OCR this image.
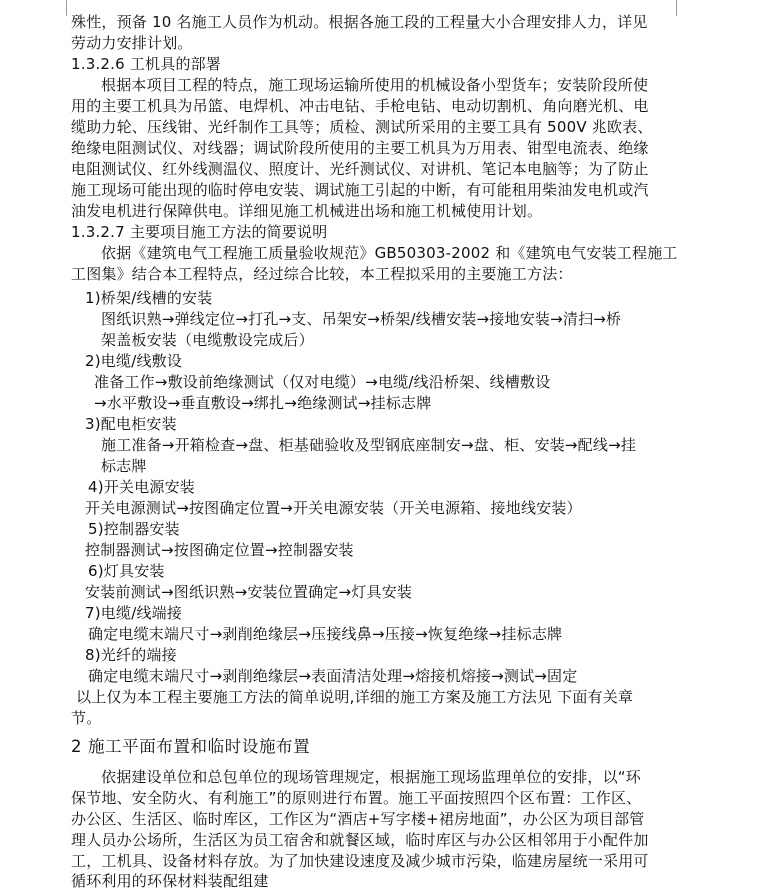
殊性，预备 10 名施工人员作为机动。根据各施工段的工程量大小合理安排人力，详见
劳动力安排计划。
1.3.2.6 工机具的部署
根据本项目工程的特点，施工现场运输所使用的机械设备小型货车；安装阶段所使
用的主要工机具为吊篮、电焊机、冲击电钻、手枪电钻、电动切割机、角向磨光机、电
缆助力轮、压线钳、光纤制作工具等；质检、测试所采用的主要工具有 500V 兆欧表、
绝缘电阻测试仪、对线器；调试阶段所使用的主要工机具为万用表、钳型电流表、绝缘
电阻测试仪、红外线测温仪、照度计、光纤测试仪、对讲机、笔记本电脑等；为了防止
施工现场可能出现的临时停电安装、调试施工引起的中断，有可能租用柴油发电机或汽
油发电机进行保障供电。详细见施工机械进出场和施工机械使用计划。
1.3.2.7 主要项目施工方法的简要说明
依据《建筑电气工程施工质量验收规范》GB50303-2002 和《建筑电气安装工程施工
工图集》结合本工程特点，经过综合比较，本工程拟采用的主要施工方法：
1)桥架/线槽的安装
图纸识熟→弹线定位→打孔→支、吊架安→桥架/线槽安装→接地安装→清扫→桥
架盖板安装（电缆敷设完成后）
2)电缆/线敷设
准备工作→敷设前绝缘测试（仅对电缆）→电缆/线沿桥架、线槽敷设
→水平敷设→垂直敷设→绑扎→绝缘测试→挂标志牌
3)配电柜安装
施工准备→开箱检查→盘、柜基础验收及型钢底座制安→盘、柜、安装→配线→挂
标志牌
4)开关电源安装
开关电源测试→按图确定位置→开关电源安装（开关电源箱、接地线安装）
5)控制器安装
控制器测试→按图确定位置→控制器安装
6)灯具安装
安装前测试→图纸识熟→安装位置确定→灯具安装
7)电缆/线端接
确定电缆末端尺寸→剥削绝缘层→压接线鼻→压接→恢复绝缘→挂标志牌
8)光纤的端接
确定电缆末端尺寸→剥削绝缘层→表面清洁处理→熔接机熔接→测试→固定
以上仅为本工程主要施工方法的简单说明,详细的施工方案及施工方法见 下面有关章
节。
2 施工平面布置和临时设施布置
依据建设单位和总包单位的现场管理规定，根据施工现场监理单位的安排，以“环
保节地、安全防火、有利施工”的原则进行布置。施工平面按照四个区布置：工作区、
办公区、生活区、临时库区，工作区为“酒店+写字楼+裙房地面”，办公区为项目部管
理人员办公场所，生活区为员工宿舍和就餐区域，临时库区与办公区相邻用于小配件加
工，工机具、设备材料存放。为了加快建设速度及减少城市污染，临建房屋统一采用可
循环利用的环保材料装配组建
